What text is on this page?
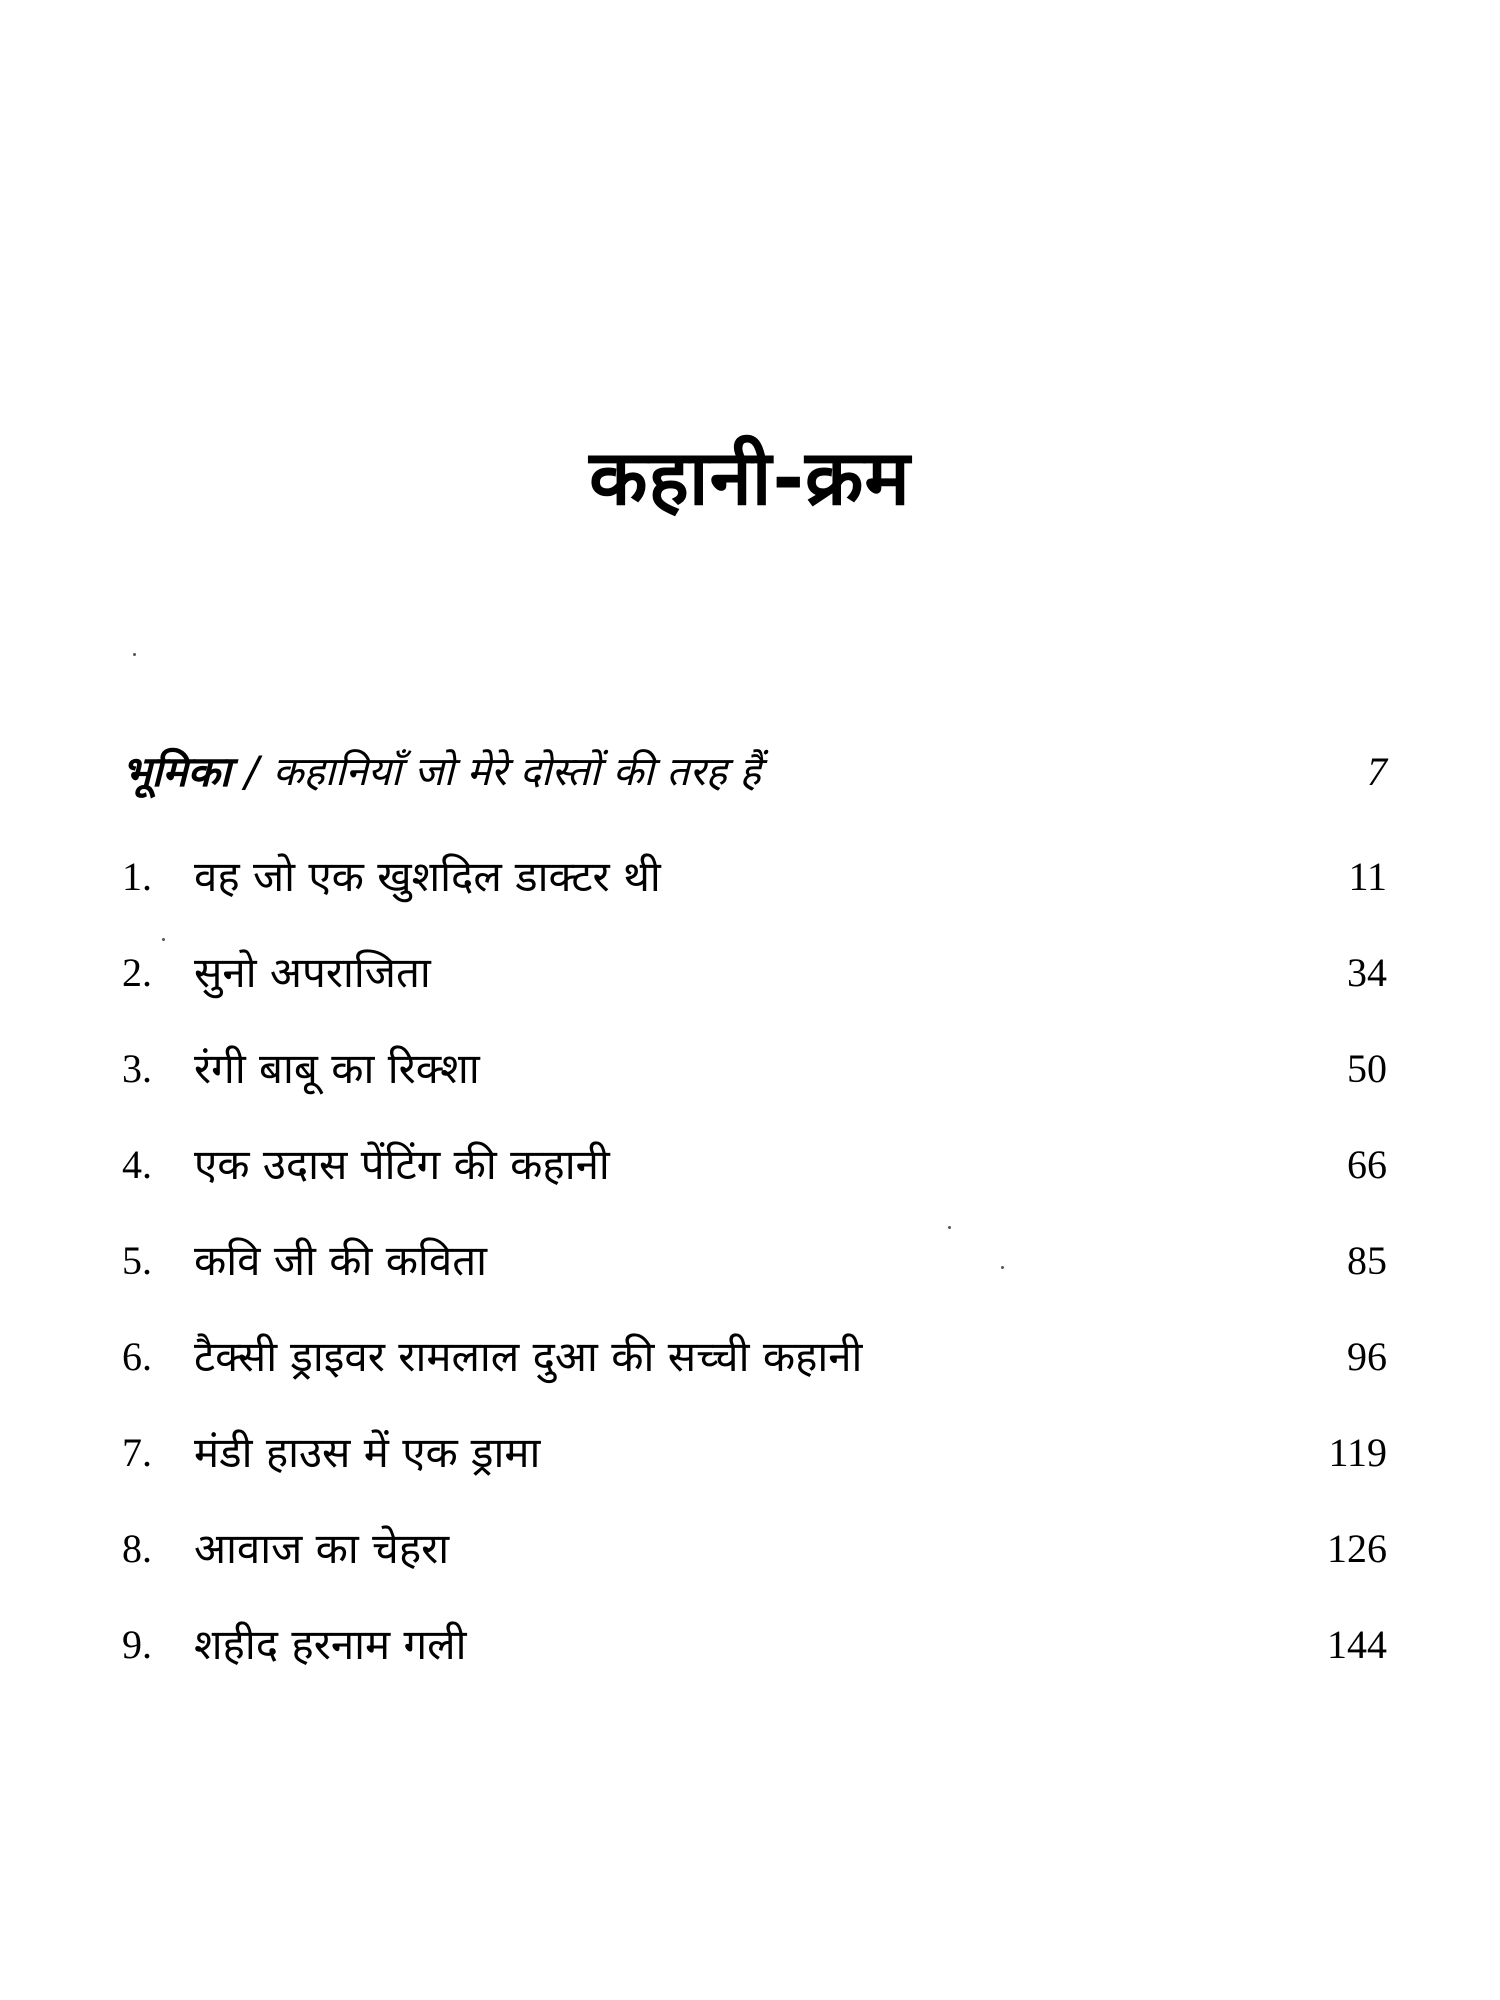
कहानी-क्रम
भूमिका / कहानियाँ जो मेरे दोस्तों की तरह हैं	7
1.	वह जो एक खुशदिल डाक्टर थी	11
2.	सुनो अपराजिता	34
3.	रंगी बाबू का रिक्शा	50
4.	एक उदास पेंटिंग की कहानी	66
5.	कवि जी की कविता	85
6.	टैक्सी ड्राइवर रामलाल दुआ की सच्ची कहानी	96
7.	मंडी हाउस में एक ड्रामा	119
8.	आवाज का चेहरा	126
9.	शहीद हरनाम गली	144
